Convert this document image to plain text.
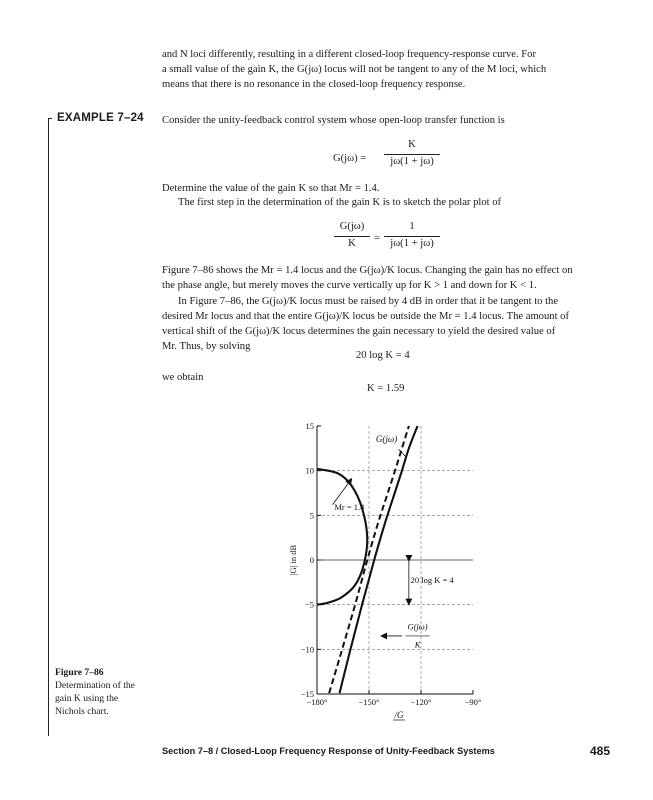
and N loci differently, resulting in a different closed-loop frequency-response curve. For
a small value of the gain K, the G(jω) locus will not be tangent to any of the M loci, which
means that there is no resonance in the closed-loop frequency response.
EXAMPLE 7–24 Consider the unity-feedback control system whose open-loop transfer function is
G(jω) =
K
jω(1 + jω)
Determine the value of the gain K so that Mr = 1.4.
The first step in the determination of the gain K is to sketch the polar plot of
G(jω)
K	=
1
jω(1 + jω)
Figure 7–86 shows the Mr = 1.4 locus and the G(jω)/K locus. Changing the gain has no effect on
the phase angle, but merely moves the curve vertically up for K > 1 and down for K < 1.
In Figure 7–86, the G(jω)/K locus must be raised by 4 dB in order that it be tangent to the
desired Mr locus and that the entire G(jω)/K locus be outside the Mr = 1.4 locus. The amount of
vertical shift of the G(jω)/K locus determines the gain necessary to yield the desired value of
Mr. Thus, by solving
20 log K = 4
we obtain
K = 1.59
15
10
5
0
−5
−10
−15
−180°	−150°	−120°	−90°
|G| in dB
/G
G(jω)
Mr = 1.4
20 log K = 4
G(jω)
K
Figure 7–86
Determination of the
gain K using the
Nichols chart.
Section 7–8 / Closed-Loop Frequency Response of Unity-Feedback Systems	485
